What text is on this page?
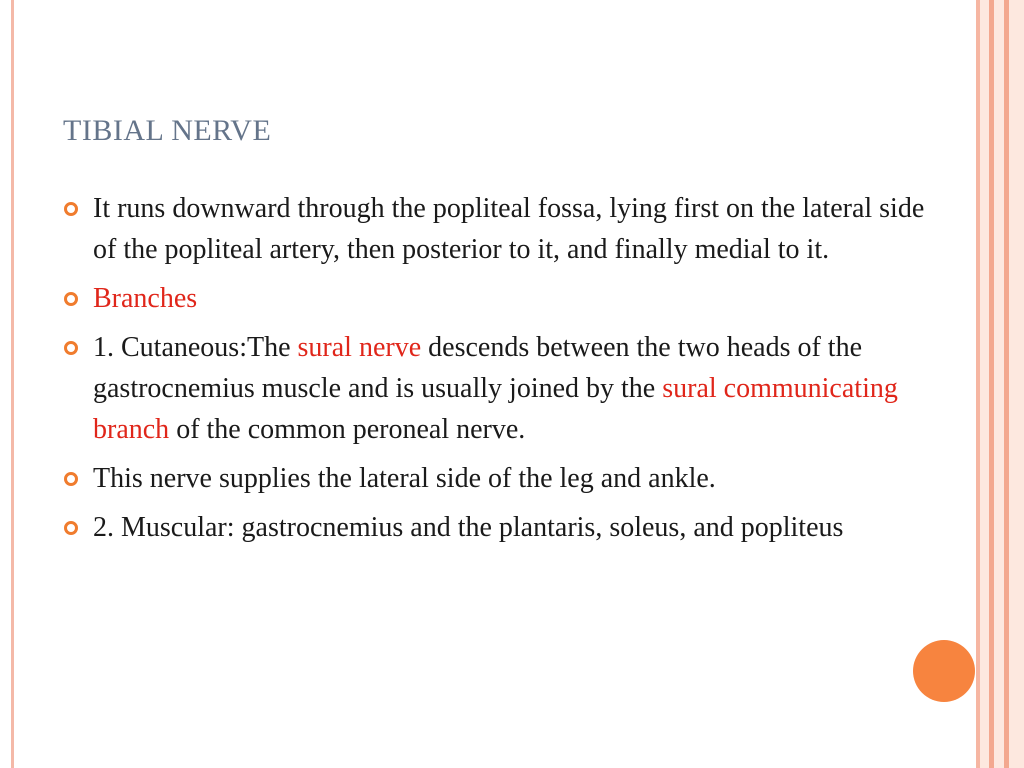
TIBIAL NERVE
It runs downward through the popliteal fossa, lying first on the lateral side of the popliteal artery, then posterior to it, and finally medial to it.
Branches
1. Cutaneous:The sural nerve descends between the two heads of the gastrocnemius muscle and is usually joined by the sural communicating branch of the common peroneal nerve.
This nerve supplies the lateral side of the leg and ankle.
2. Muscular: gastrocnemius and the plantaris, soleus, and popliteus
